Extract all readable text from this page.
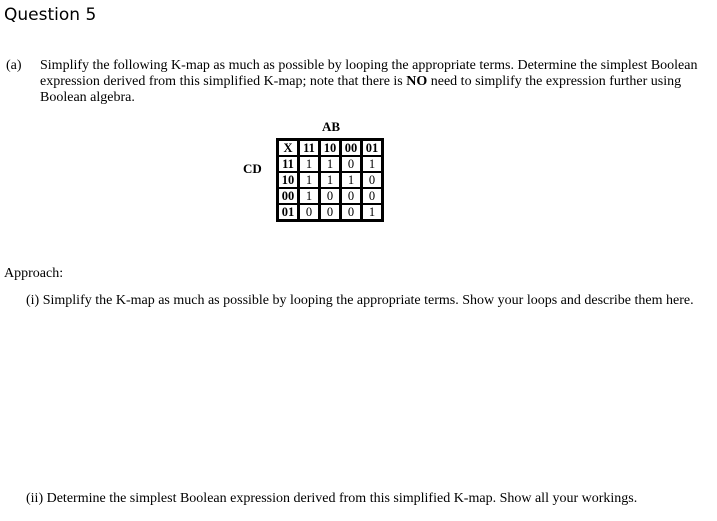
Question 5
(a) Simplify the following K-map as much as possible by looping the appropriate terms. Determine the simplest Boolean expression derived from this simplified K-map; note that there is NO need to simplify the expression further using Boolean algebra.
AB
CD
X	11	10	00	01
11	1	1	0	1
10	1	1	1	0
00	1	0	0	0
01	0	0	0	1
Approach:
(i) Simplify the K-map as much as possible by looping the appropriate terms. Show your loops and describe them here.
(ii) Determine the simplest Boolean expression derived from this simplified K-map. Show all your workings.
